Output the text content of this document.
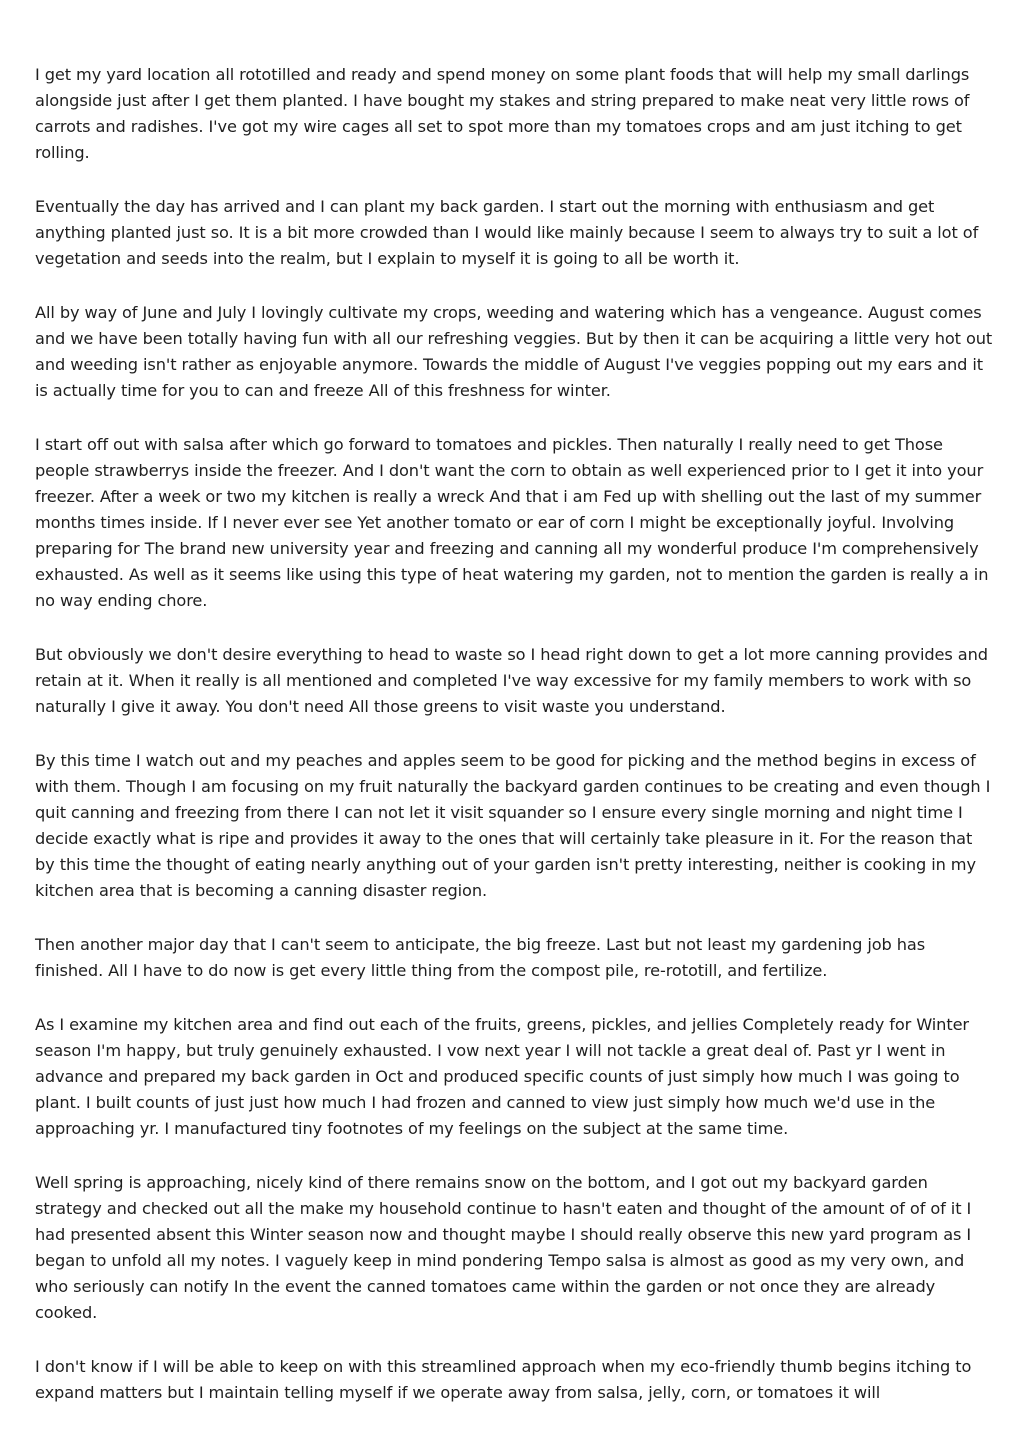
I get my yard location all rototilled and ready and spend money on some plant foods that will help my small darlings alongside just after I get them planted. I have bought my stakes and string prepared to make neat very little rows of carrots and radishes. I've got my wire cages all set to spot more than my tomatoes crops and am just itching to get rolling.

Eventually the day has arrived and I can plant my back garden. I start out the morning with enthusiasm and get anything planted just so. It is a bit more crowded than I would like mainly because I seem to always try to suit a lot of vegetation and seeds into the realm, but I explain to myself it is going to all be worth it.

All by way of June and July I lovingly cultivate my crops, weeding and watering which has a vengeance. August comes and we have been totally having fun with all our refreshing veggies. But by then it can be acquiring a little very hot out and weeding isn't rather as enjoyable anymore. Towards the middle of August I've veggies popping out my ears and it is actually time for you to can and freeze All of this freshness for winter.

I start off out with salsa after which go forward to tomatoes and pickles. Then naturally I really need to get Those people strawberrys inside the freezer. And I don't want the corn to obtain as well experienced prior to I get it into your freezer. After a week or two my kitchen is really a wreck And that i am Fed up with shelling out the last of my summer months times inside. If I never ever see Yet another tomato or ear of corn I might be exceptionally joyful. Involving preparing for The brand new university year and freezing and canning all my wonderful produce I'm comprehensively exhausted. As well as it seems like using this type of heat watering my garden, not to mention the garden is really a in no way ending chore.

But obviously we don't desire everything to head to waste so I head right down to get a lot more canning provides and retain at it. When it really is all mentioned and completed I've way excessive for my family members to work with so naturally I give it away. You don't need All those greens to visit waste you understand.

By this time I watch out and my peaches and apples seem to be good for picking and the method begins in excess of with them. Though I am focusing on my fruit naturally the backyard garden continues to be creating and even though I quit canning and freezing from there I can not let it visit squander so I ensure every single morning and night time I decide exactly what is ripe and provides it away to the ones that will certainly take pleasure in it. For the reason that by this time the thought of eating nearly anything out of your garden isn't pretty interesting, neither is cooking in my kitchen area that is becoming a canning disaster region.

Then another major day that I can't seem to anticipate, the big freeze. Last but not least my gardening job has finished. All I have to do now is get every little thing from the compost pile, re-rototill, and fertilize.

As I examine my kitchen area and find out each of the fruits, greens, pickles, and jellies Completely ready for Winter season I'm happy, but truly genuinely exhausted. I vow next year I will not tackle a great deal of. Past yr I went in advance and prepared my back garden in Oct and produced specific counts of just simply how much I was going to plant. I built counts of just just how much I had frozen and canned to view just simply how much we'd use in the approaching yr. I manufactured tiny footnotes of my feelings on the subject at the same time.

Well spring is approaching, nicely kind of there remains snow on the bottom, and I got out my backyard garden strategy and checked out all the make my household continue to hasn't eaten and thought of the amount of of of it I had presented absent this Winter season now and thought maybe I should really observe this new yard program as I began to unfold all my notes. I vaguely keep in mind pondering Tempo salsa is almost as good as my very own, and who seriously can notify In the event the canned tomatoes came within the garden or not once they are already cooked.

I don't know if I will be able to keep on with this streamlined approach when my eco-friendly thumb begins itching to expand matters but I maintain telling myself if we operate away from salsa, jelly, corn, or tomatoes it will
